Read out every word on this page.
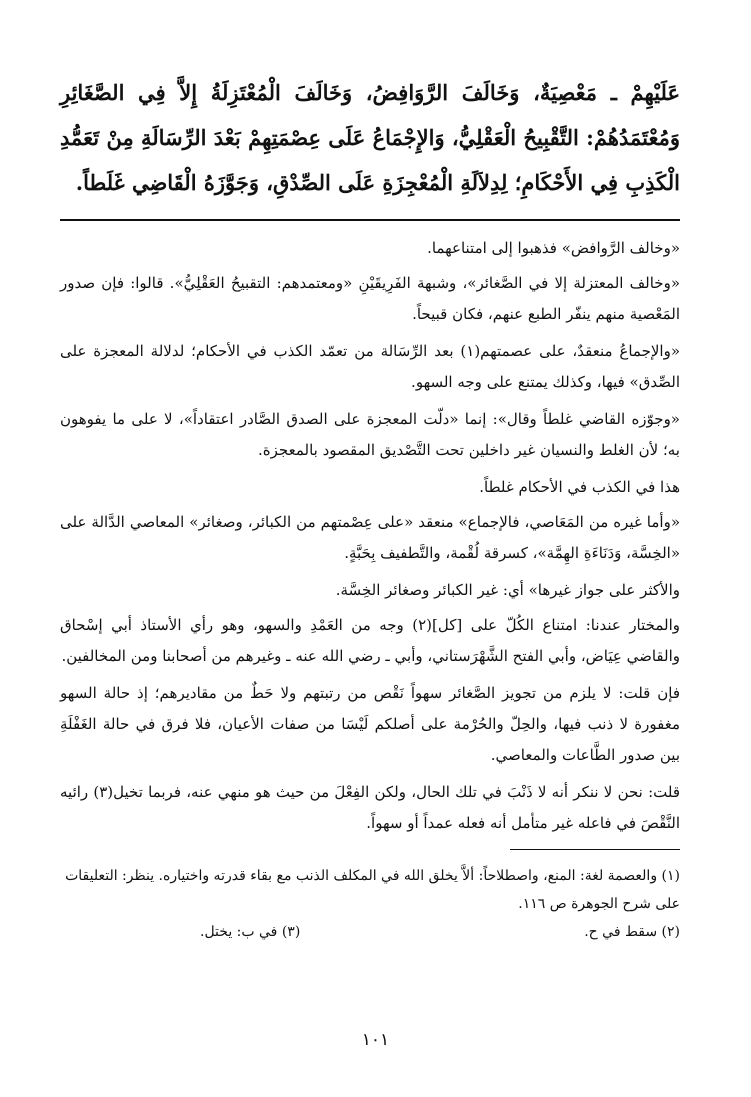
عَلَيْهِمْ ـ مَعْصِيَةٌ، وَخَالَفَ الرَّوَافِضُ، وَخَالَفَ الْمُعْتَزِلَةُ إِلاَّ فِي الصَّغَائِرِ وَمُعْتَمَدُهُمْ: التَّقْبِيحُ الْعَقْلِيُّ، وَالإِجْمَاعُ عَلَى عِصْمَتِهِمْ بَعْدَ الرِّسَالَةِ مِنْ تَعَمُّدِ الْكَذِبِ فِي الأَحْكَامِ؛ لِدِلاَلَةِ الْمُعْجِزَةِ عَلَى الصِّدْقِ، وَجَوَّزَهُ الْقَاضِي غَلَطاً.

«وخالف الرَّوافض» فذهبوا إلى امتناعهما.

«وخالف المعتزلة إلا في الصَّغائر»، وشبهة الفَرِيقَيْنِ «ومعتمدهم: التقبيحُ العَقْلِيُّ». قالوا: فإن صدور المَعْصية منهم ينفّر الطبع عنهم، فكان قبيحاً.

«والإجماعُ منعقدٌ، على عصمتهم(١) بعد الرِّسَالة من تعمّد الكذب في الأحكام؛ لدلالة المعجزة على الصِّدق» فيها، وكذلك يمتنع على وجه السهو.

«وجوّزه القاضي غلطاً وقال»: إنما «دلّت المعجزة على الصدق الصَّادر اعتقاداً»، لا على ما يفوهون به؛ لأن الغلط والنسيان غير داخلين تحت التَّصْديق المقصود بالمعجزة.

هذا في الكذب في الأحكام غلطاً.

«وأما غيره من المَعَاصي، فالإجماع» منعقد «على عِصْمتهم من الكبائر، وصغائر» المعاصي الدَّالة على «الخِسَّة، وَدَنَاءَةِ الهِمَّة»، كسرقة لُقْمة، والتَّطفيف بِحَبَّةٍ.

والأكثر على جواز غيرها» أي: غير الكبائر وصغائر الخِسَّة.

والمختار عندنا: امتناع الكُلّ على [كل](٢) وجه من العَمْدِ والسهو، وهو رأي الأستاذ أبي إسْحاق والقاضي عِيَاض، وأبي الفتح الشَّهْرَستاني، وأبي ـ رضي الله عنه ـ وغيرهم من أصحابنا ومن المخالفين.

فإن قلت: لا يلزم من تجويز الصَّغائر سهواً نَقْص من رتبتهم ولا حَطٌ من مقاديرهم؛ إذ حالة السهو مغفورة لا ذنب فيها، والحِلّ والحُرْمة على أصلكم لَيْسَا من صفات الأعيان، فلا فرق في حالة الغَفْلَةِ بين صدور الطَّاعات والمعاصي.

قلت: نحن لا ننكر أنه لا ذَنْبَ في تلك الحال، ولكن الفِعْلَ من حيث هو منهي عنه، فربما تخيل(٣) رائيه النَّقْصَ في فاعله غير متأمل أنه فعله عمداً أو سهواً.

(١) والعصمة لغة: المنع، واصطلاحاً: ألاَّ يخلق الله في المكلف الذنب مع بقاء قدرته واختياره. ينظر: التعليقات على شرح الجوهرة ص ١١٦.

(٢) سقط في ح.
(٣) في ب: يختل.
١٠١
